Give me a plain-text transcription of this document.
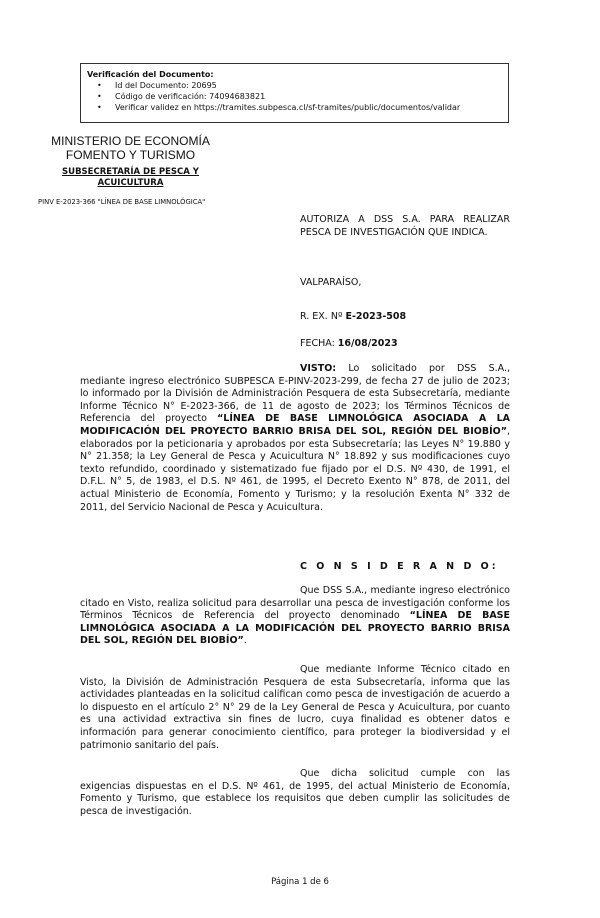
Verificación del Documento:
• Id del Documento: 20695
• Código de verificación: 74094683821
• Verificar validez en https://tramites.subpesca.cl/sf-tramites/public/documentos/validar
MINISTERIO DE ECONOMÍA
FOMENTO Y TURISMO
SUBSECRETARÍA DE PESCA Y
ACUICULTURA
PINV E-2023-366 "LÍNEA DE BASE LIMNOLÓGICA"
AUTORIZA A DSS S.A. PARA REALIZAR PESCA DE INVESTIGACIÓN QUE INDICA.
VALPARAÍSO,
R. EX. Nº E-2023-508
FECHA: 16/08/2023
VISTO: Lo solicitado por DSS S.A., mediante ingreso electrónico SUBPESCA E-PINV-2023-299, de fecha 27 de julio de 2023; lo informado por la División de Administración Pesquera de esta Subsecretaría, mediante Informe Técnico N° E-2023-366, de 11 de agosto de 2023; los Términos Técnicos de Referencia del proyecto “LÍNEA DE BASE LIMNOLÓGICA ASOCIADA A LA MODIFICACIÓN DEL PROYECTO BARRIO BRISA DEL SOL, REGIÓN DEL BIOBÍO”, elaborados por la peticionaria y aprobados por esta Subsecretaría; las Leyes N° 19.880 y N° 21.358; la Ley General de Pesca y Acuicultura N° 18.892 y sus modificaciones cuyo texto refundido, coordinado y sistematizado fue fijado por el D.S. Nº 430, de 1991, el D.F.L. N° 5, de 1983, el D.S. Nº 461, de 1995, el Decreto Exento N° 878, de 2011, del actual Ministerio de Economía, Fomento y Turismo; y la resolución Exenta N° 332 de 2011, del Servicio Nacional de Pesca y Acuicultura.
C O N S I D E R A N D O:
Que DSS S.A., mediante ingreso electrónico citado en Visto, realiza solicitud para desarrollar una pesca de investigación conforme los Términos Técnicos de Referencia del proyecto denominado “LÍNEA DE BASE LIMNOLÓGICA ASOCIADA A LA MODIFICACIÓN DEL PROYECTO BARRIO BRISA DEL SOL, REGIÓN DEL BIOBÍO”.
Que mediante Informe Técnico citado en Visto, la División de Administración Pesquera de esta Subsecretaría, informa que las actividades planteadas en la solicitud califican como pesca de investigación de acuerdo a lo dispuesto en el artículo 2° N° 29 de la Ley General de Pesca y Acuicultura, por cuanto es una actividad extractiva sin fines de lucro, cuya finalidad es obtener datos e información para generar conocimiento científico, para proteger la biodiversidad y el patrimonio sanitario del país.
Que dicha solicitud cumple con las exigencias dispuestas en el D.S. Nº 461, de 1995, del actual Ministerio de Economía, Fomento y Turismo, que establece los requisitos que deben cumplir las solicitudes de pesca de investigación.
Página 1 de 6
